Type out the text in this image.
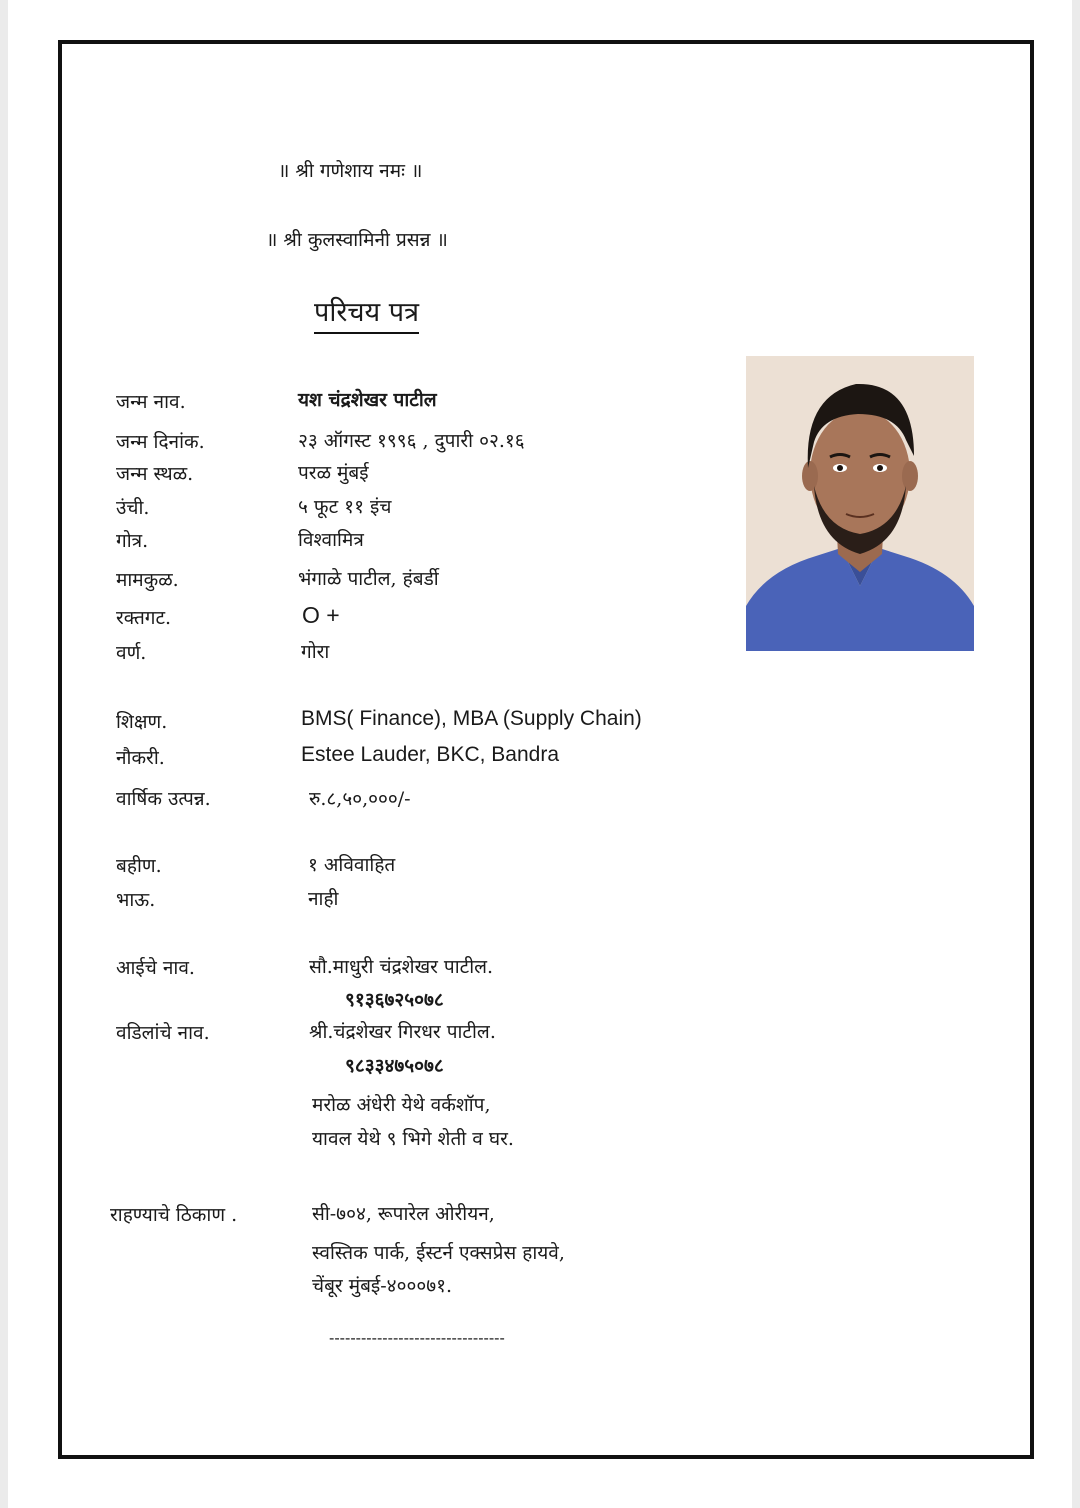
॥ श्री गणेशाय नमः ॥
॥ श्री कुलस्वामिनी प्रसन्न ॥
परिचय पत्र
जन्म नाव.	यश चंद्रशेखर पाटील
जन्म दिनांक.	२३ ऑगस्ट १९९६ , दुपारी ०२.१६
जन्म स्थळ.	परळ मुंबई
उंची.	५ फूट ११ इंच
गोत्र.	विश्वामित्र
मामकुळ.	भंगाळे पाटील, हंबर्डी
रक्तगट.	O +
वर्ण.	गोरा
शिक्षण.	BMS( Finance), MBA (Supply Chain)
नौकरी.	Estee Lauder, BKC, Bandra
वार्षिक उत्पन्न.	रु.८,५०,०००/-
बहीण.	१ अविवाहित
भाऊ.	नाही
आईचे नाव.	सौ.माधुरी चंद्रशेखर पाटील.
९१३६७२५०७८
वडिलांचे नाव.	श्री.चंद्रशेखर गिरधर पाटील.
९८३३४७५०७८
मरोळ अंधेरी येथे वर्कशॉप,
यावल येथे ९ भिगे शेती व घर.
राहण्याचे ठिकाण .	सी-७०४, रूपारेल ओरीयन,
स्वस्तिक पार्क, ईस्टर्न एक्सप्रेस हायवे,
चेंबूर मुंबई-४०००७१.
---------------------------------
